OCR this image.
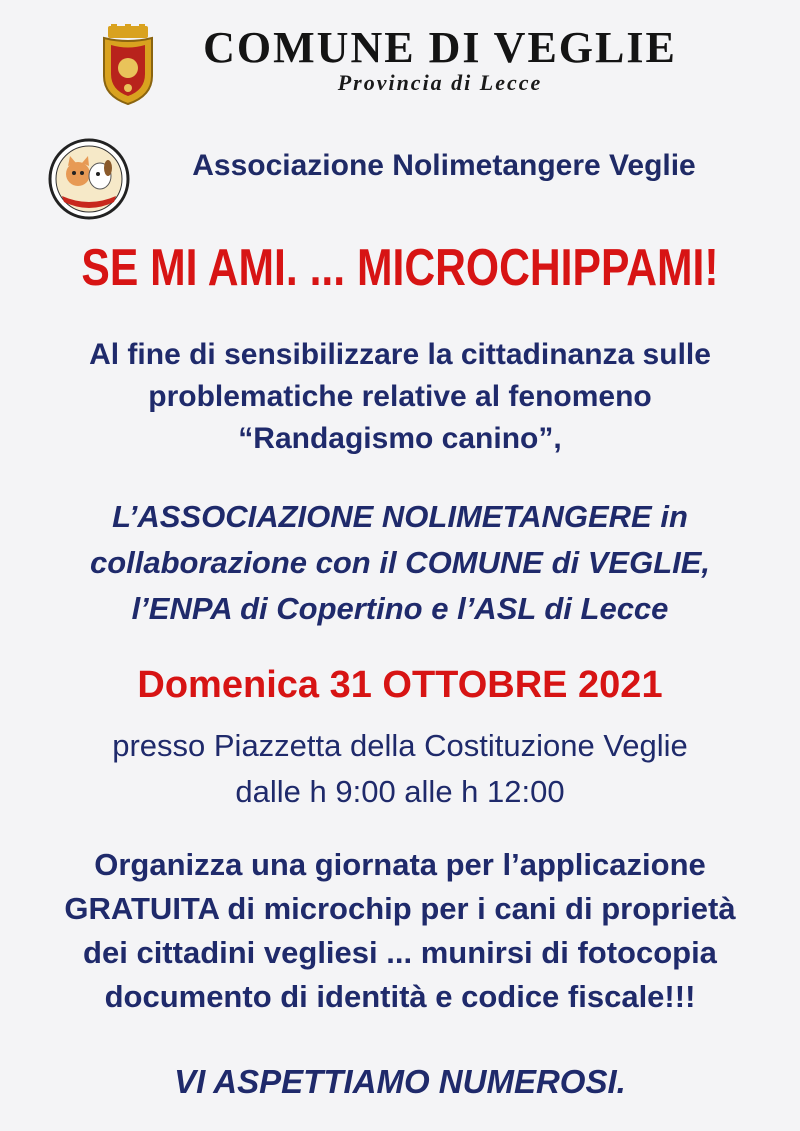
COMUNE DI VEGLIE
Provincia di Lecce
Associazione Nolimetangere Veglie
SE MI AMI. ... MICROCHIPPAMI!
Al fine di sensibilizzare la cittadinanza sulle
problematiche relative al fenomeno
“Randagismo canino”,
L’ASSOCIAZIONE NOLIMETANGERE in
collaborazione con il COMUNE di VEGLIE,
l’ENPA di Copertino e l’ASL di Lecce
Domenica 31 OTTOBRE 2021
presso Piazzetta della Costituzione Veglie
dalle h 9:00 alle h 12:00
Organizza una giornata per l’applicazione
GRATUITA di microchip per i cani di proprietà
dei cittadini vegliesi ... munirsi di fotocopia
documento di identità e codice fiscale!!!
VI ASPETTIAMO NUMEROSI.
